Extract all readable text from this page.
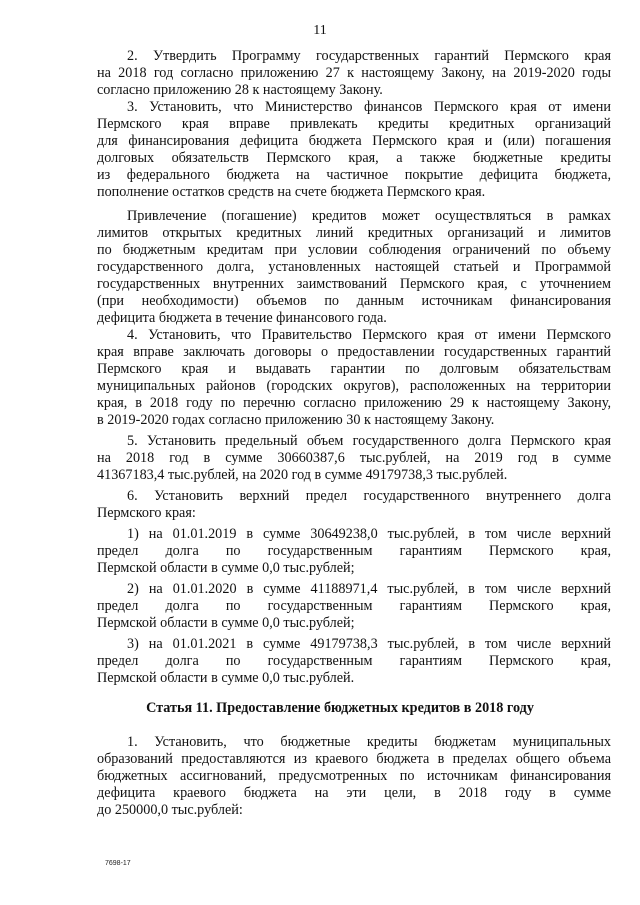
11
2. Утвердить Программу государственных гарантий Пермского края
на 2018 год согласно приложению 27 к настоящему Закону, на 2019-2020 годы
согласно приложению 28 к настоящему Закону.
3. Установить, что Министерство финансов Пермского края от имени
Пермского края вправе привлекать кредиты кредитных организаций
для финансирования дефицита бюджета Пермского края и (или) погашения
долговых обязательств Пермского края, а также бюджетные кредиты
из федерального бюджета на частичное покрытие дефицита бюджета,
пополнение остатков средств на счете бюджета Пермского края.
Привлечение (погашение) кредитов может осуществляться в рамках
лимитов открытых кредитных линий кредитных организаций и лимитов
по бюджетным кредитам при условии соблюдения ограничений по объему
государственного долга, установленных настоящей статьей и Программой
государственных внутренних заимствований Пермского края, с уточнением
(при необходимости) объемов по данным источникам финансирования
дефицита бюджета в течение финансового года.
4. Установить, что Правительство Пермского края от имени Пермского
края вправе заключать договоры о предоставлении государственных гарантий
Пермского края и выдавать гарантии по долговым обязательствам
муниципальных районов (городских округов), расположенных на территории
края, в 2018 году по перечню согласно приложению 29 к настоящему Закону,
в 2019-2020 годах согласно приложению 30 к настоящему Закону.
5. Установить предельный объем государственного долга Пермского края
на 2018 год в сумме 30660387,6 тыс.рублей, на 2019 год в сумме
41367183,4 тыс.рублей, на 2020 год в сумме 49179738,3 тыс.рублей.
6. Установить верхний предел государственного внутреннего долга
Пермского края:
1) на 01.01.2019 в сумме 30649238,0 тыс.рублей, в том числе верхний
предел долга по государственным гарантиям Пермского края,
Пермской области в сумме 0,0 тыс.рублей;
2) на 01.01.2020 в сумме 41188971,4 тыс.рублей, в том числе верхний
предел долга по государственным гарантиям Пермского края,
Пермской области в сумме 0,0 тыс.рублей;
3) на 01.01.2021 в сумме 49179738,3 тыс.рублей, в том числе верхний
предел долга по государственным гарантиям Пермского края,
Пермской области в сумме 0,0 тыс.рублей.
Статья 11. Предоставление бюджетных кредитов в 2018 году
1. Установить, что бюджетные кредиты бюджетам муниципальных
образований предоставляются из краевого бюджета в пределах общего объема
бюджетных ассигнований, предусмотренных по источникам финансирования
дефицита краевого бюджета на эти цели, в 2018 году в сумме
до 250000,0 тыс.рублей:
7698-17
